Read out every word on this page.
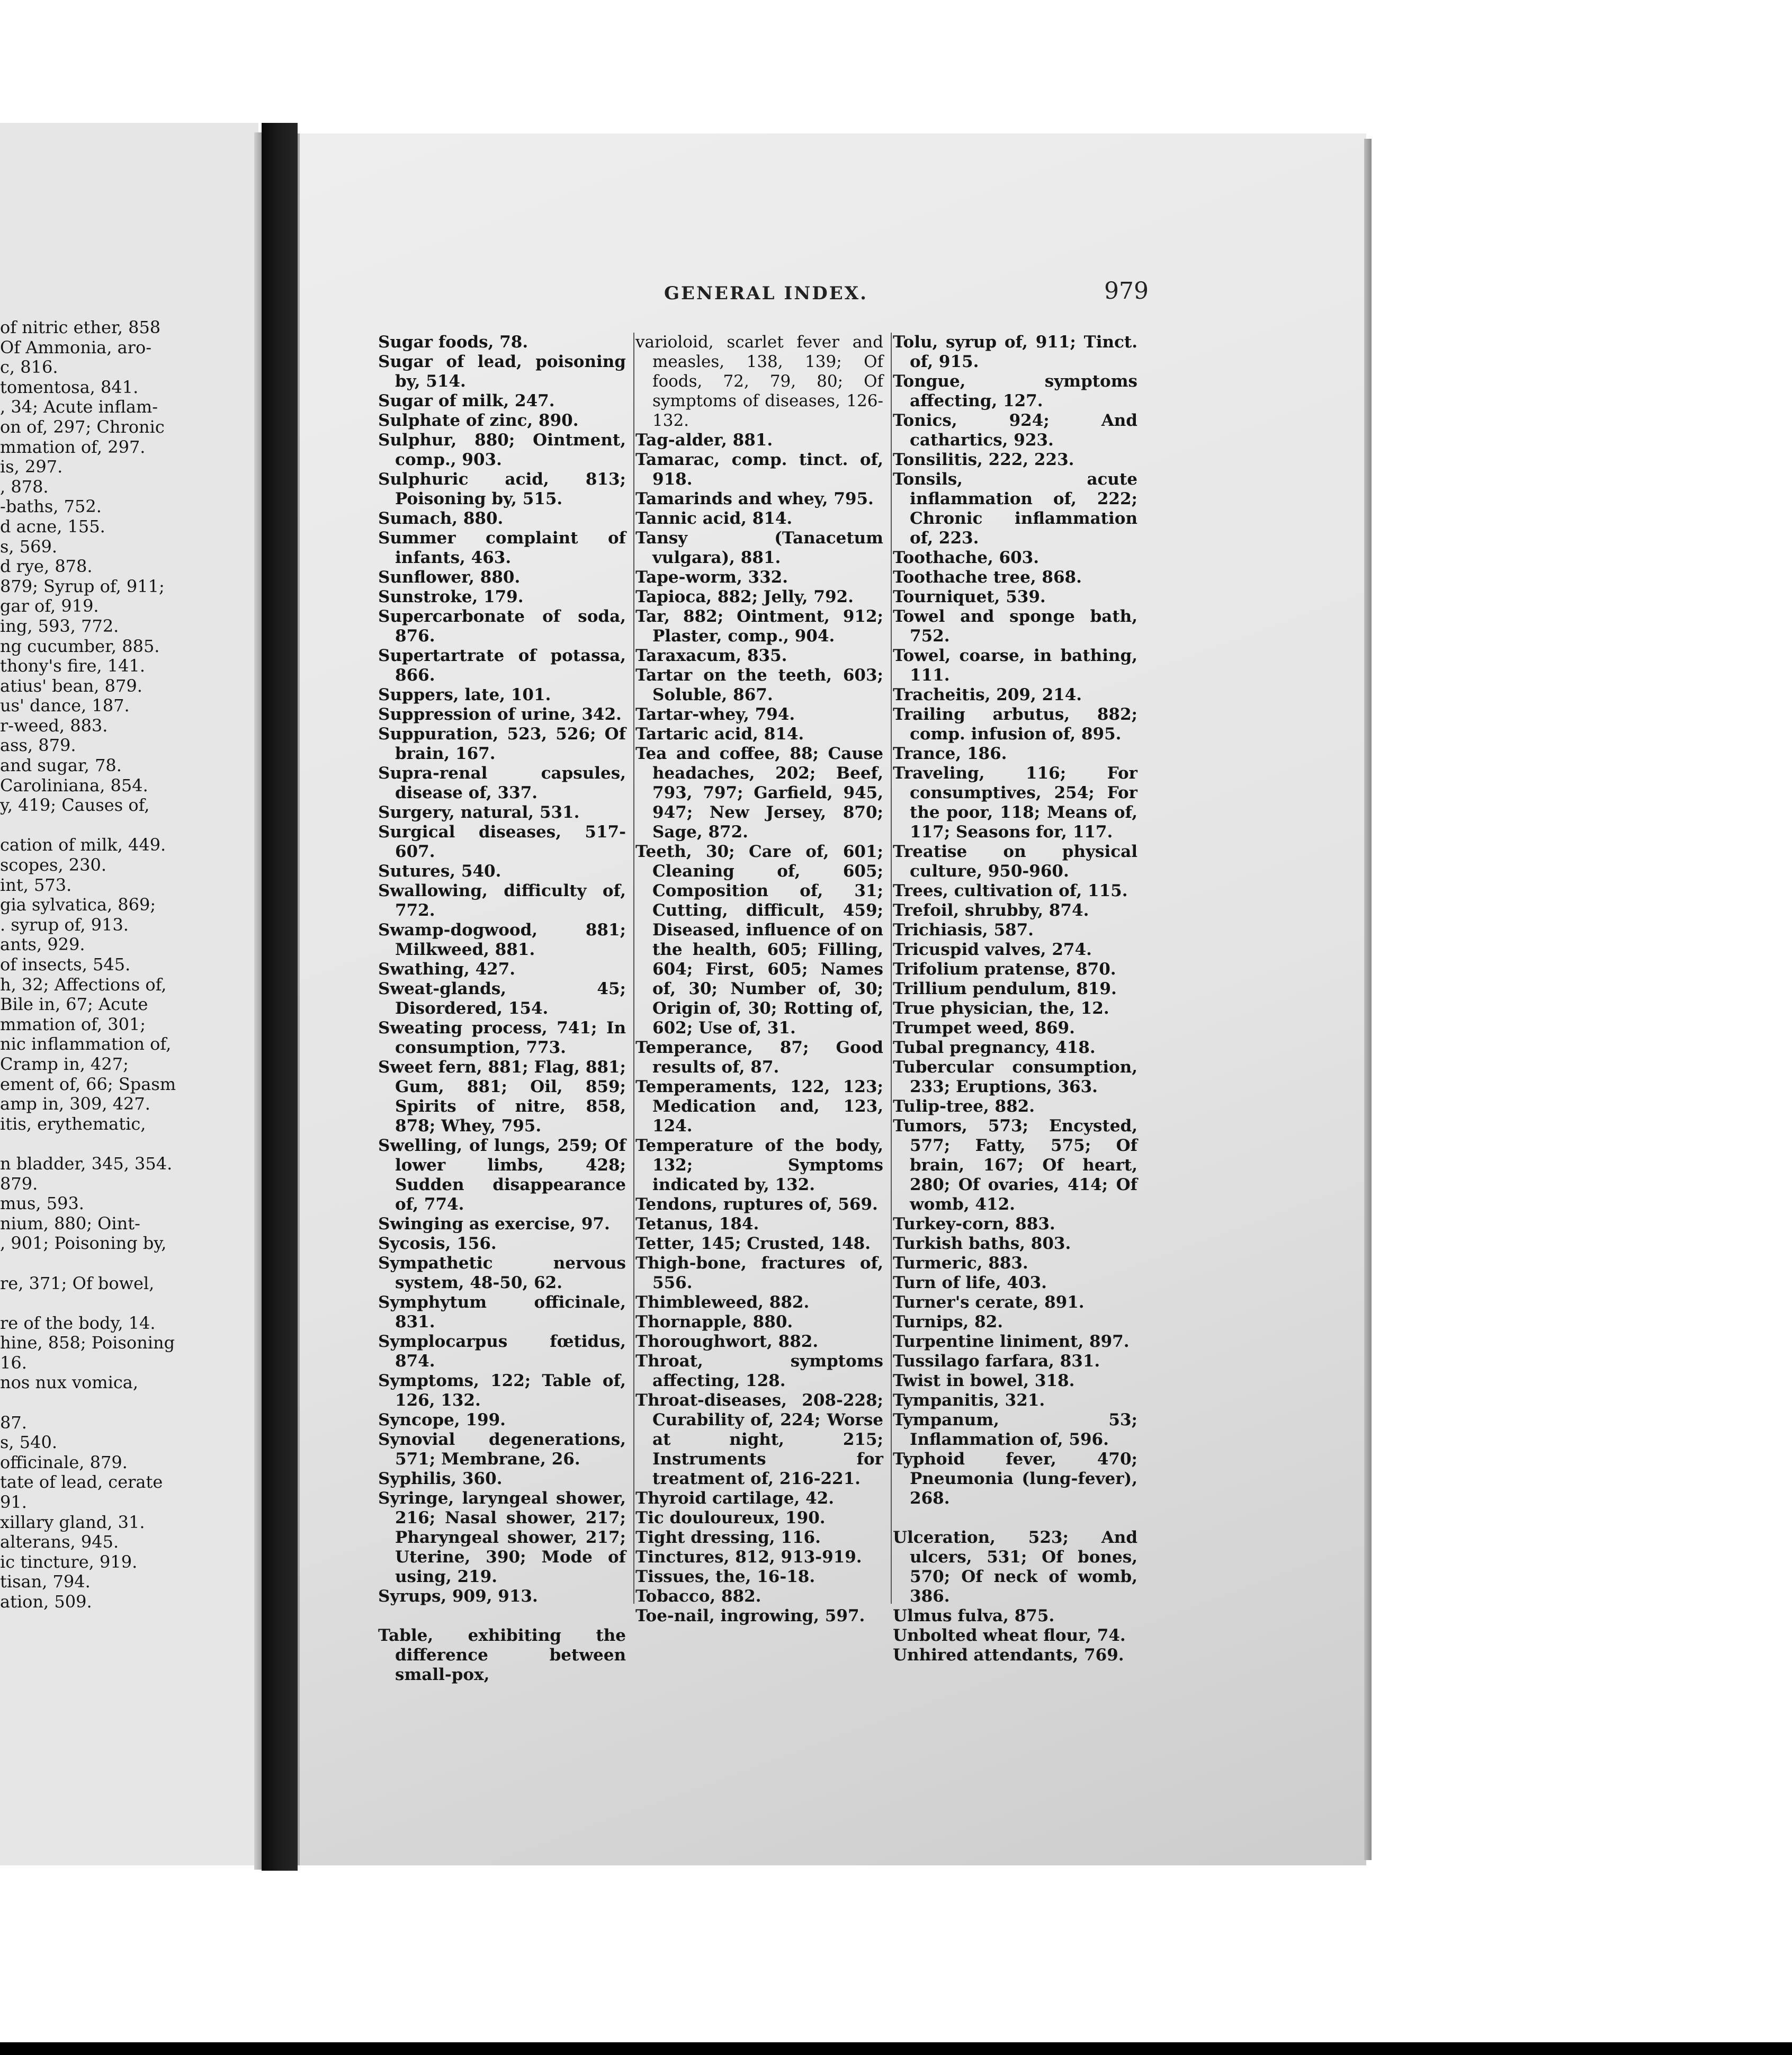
of nitric ether, 858
Of Ammonia, aro-
c, 816.
tomentosa, 841.
, 34; Acute inflam-
on of, 297; Chronic
mmation of, 297.
is, 297.
, 878.
-baths, 752.
d acne, 155.
s, 569.
d rye, 878.
879; Syrup of, 911;
gar of, 919.
ing, 593, 772.
ng cucumber, 885.
thony's fire, 141.
atius' bean, 879.
us' dance, 187.
r-weed, 883.
ass, 879.
and sugar, 78.
Caroliniana, 854.
y, 419; Causes of,
cation of milk, 449.
scopes, 230.
int, 573.
gia sylvatica, 869;
. syrup of, 913.
ants, 929.
of insects, 545.
h, 32; Affections of,
Bile in, 67; Acute
mmation of, 301;
nic inflammation of,
Cramp in, 427;
ement of, 66; Spasm
amp in, 309, 427.
itis, erythematic,
n bladder, 345, 354.
879.
mus, 593.
nium, 880; Oint-
, 901; Poisoning by,
re, 371; Of bowel,
re of the body, 14.
hine, 858; Poisoning
16.
nos nux vomica,
87.
s, 540.
officinale, 879.
tate of lead, cerate
91.
xillary gland, 31.
alterans, 945.
ic tincture, 919.
tisan, 794.
ation, 509.
GENERAL INDEX.	979
Sugar foods, 78.
Sugar of lead, poisoning by, 514.
Sugar of milk, 247.
Sulphate of zinc, 890.
Sulphur, 880; Ointment, comp., 903.
Sulphuric acid, 813; Poisoning by, 515.
Sumach, 880.
Summer complaint of infants, 463.
Sunflower, 880.
Sunstroke, 179.
Supercarbonate of soda, 876.
Supertartrate of potassa, 866.
Suppers, late, 101.
Suppression of urine, 342.
Suppuration, 523, 526; Of brain, 167.
Supra-renal capsules, disease of, 337.
Surgery, natural, 531.
Surgical diseases, 517-607.
Sutures, 540.
Swallowing, difficulty of, 772.
Swamp-dogwood, 881; Milkweed, 881.
Swathing, 427.
Sweat-glands, 45; Disordered, 154.
Sweating process, 741; In consumption, 773.
Sweet fern, 881; Flag, 881; Gum, 881; Oil, 859; Spirits of nitre, 858, 878; Whey, 795.
Swelling, of lungs, 259; Of lower limbs, 428; Sudden disappearance of, 774.
Swinging as exercise, 97.
Sycosis, 156.
Sympathetic nervous system, 48-50, 62.
Symphytum officinale, 831.
Symplocarpus fœtidus, 874.
Symptoms, 122; Table of, 126, 132.
Syncope, 199.
Synovial degenerations, 571; Membrane, 26.
Syphilis, 360.
Syringe, laryngeal shower, 216; Nasal shower, 217; Pharyngeal shower, 217; Uterine, 390; Mode of using, 219.
Syrups, 909, 913.
Table, exhibiting the difference between small-pox,
varioloid, scarlet fever and measles, 138, 139; Of foods, 72, 79, 80; Of symptoms of diseases, 126-132.
Tag-alder, 881.
Tamarac, comp. tinct. of, 918.
Tamarinds and whey, 795.
Tannic acid, 814.
Tansy (Tanacetum vulgara), 881.
Tape-worm, 332.
Tapioca, 882; Jelly, 792.
Tar, 882; Ointment, 912; Plaster, comp., 904.
Taraxacum, 835.
Tartar on the teeth, 603; Soluble, 867.
Tartar-whey, 794.
Tartaric acid, 814.
Tea and coffee, 88; Cause headaches, 202; Beef, 793, 797; Garfield, 945, 947; New Jersey, 870; Sage, 872.
Teeth, 30; Care of, 601; Cleaning of, 605; Composition of, 31; Cutting, difficult, 459; Diseased, influence of on the health, 605; Filling, 604; First, 605; Names of, 30; Number of, 30; Origin of, 30; Rotting of, 602; Use of, 31.
Temperance, 87; Good results of, 87.
Temperaments, 122, 123; Medication and, 123, 124.
Temperature of the body, 132; Symptoms indicated by, 132.
Tendons, ruptures of, 569.
Tetanus, 184.
Tetter, 145; Crusted, 148.
Thigh-bone, fractures of, 556.
Thimbleweed, 882.
Thornapple, 880.
Thoroughwort, 882.
Throat, symptoms affecting, 128.
Throat-diseases, 208-228; Curability of, 224; Worse at night, 215; Instruments for treatment of, 216-221.
Thyroid cartilage, 42.
Tic douloureux, 190.
Tight dressing, 116.
Tinctures, 812, 913-919.
Tissues, the, 16-18.
Tobacco, 882.
Toe-nail, ingrowing, 597.
Tolu, syrup of, 911; Tinct. of, 915.
Tongue, symptoms affecting, 127.
Tonics, 924; And cathartics, 923.
Tonsilitis, 222, 223.
Tonsils, acute inflammation of, 222; Chronic inflammation of, 223.
Toothache, 603.
Toothache tree, 868.
Tourniquet, 539.
Towel and sponge bath, 752.
Towel, coarse, in bathing, 111.
Tracheitis, 209, 214.
Trailing arbutus, 882; comp. infusion of, 895.
Trance, 186.
Traveling, 116; For consumptives, 254; For the poor, 118; Means of, 117; Seasons for, 117.
Treatise on physical culture, 950-960.
Trees, cultivation of, 115.
Trefoil, shrubby, 874.
Trichiasis, 587.
Tricuspid valves, 274.
Trifolium pratense, 870.
Trillium pendulum, 819.
True physician, the, 12.
Trumpet weed, 869.
Tubal pregnancy, 418.
Tubercular consumption, 233; Eruptions, 363.
Tulip-tree, 882.
Tumors, 573; Encysted, 577; Fatty, 575; Of brain, 167; Of heart, 280; Of ovaries, 414; Of womb, 412.
Turkey-corn, 883.
Turkish baths, 803.
Turmeric, 883.
Turn of life, 403.
Turner's cerate, 891.
Turnips, 82.
Turpentine liniment, 897.
Tussilago farfara, 831.
Twist in bowel, 318.
Tympanitis, 321.
Tympanum, 53; Inflammation of, 596.
Typhoid fever, 470; Pneumonia (lung-fever), 268.
Ulceration, 523; And ulcers, 531; Of bones, 570; Of neck of womb, 386.
Ulmus fulva, 875.
Unbolted wheat flour, 74.
Unhired attendants, 769.
